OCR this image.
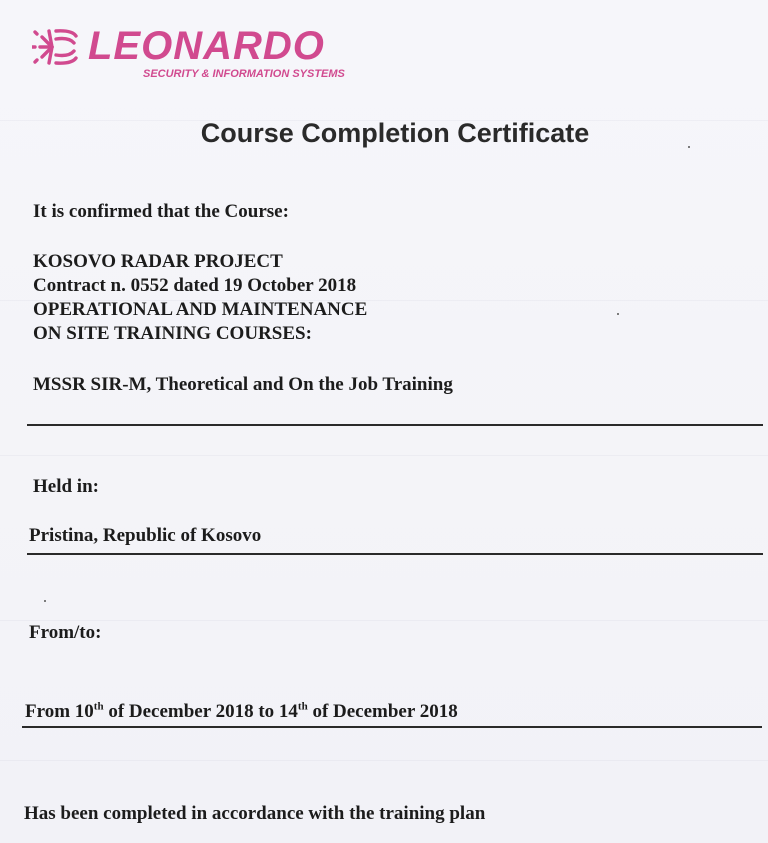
LEONARDO
SECURITY & INFORMATION SYSTEMS
Course Completion Certificate
It is confirmed that the Course:
KOSOVO RADAR PROJECT
Contract n. 0552 dated 19 October 2018
OPERATIONAL AND MAINTENANCE
ON SITE TRAINING COURSES:
MSSR SIR-M, Theoretical and On the Job Training
Held in:
Pristina, Republic of Kosovo
From/to:
From 10th of December 2018 to 14th of December 2018
Has been completed in accordance with the training plan
